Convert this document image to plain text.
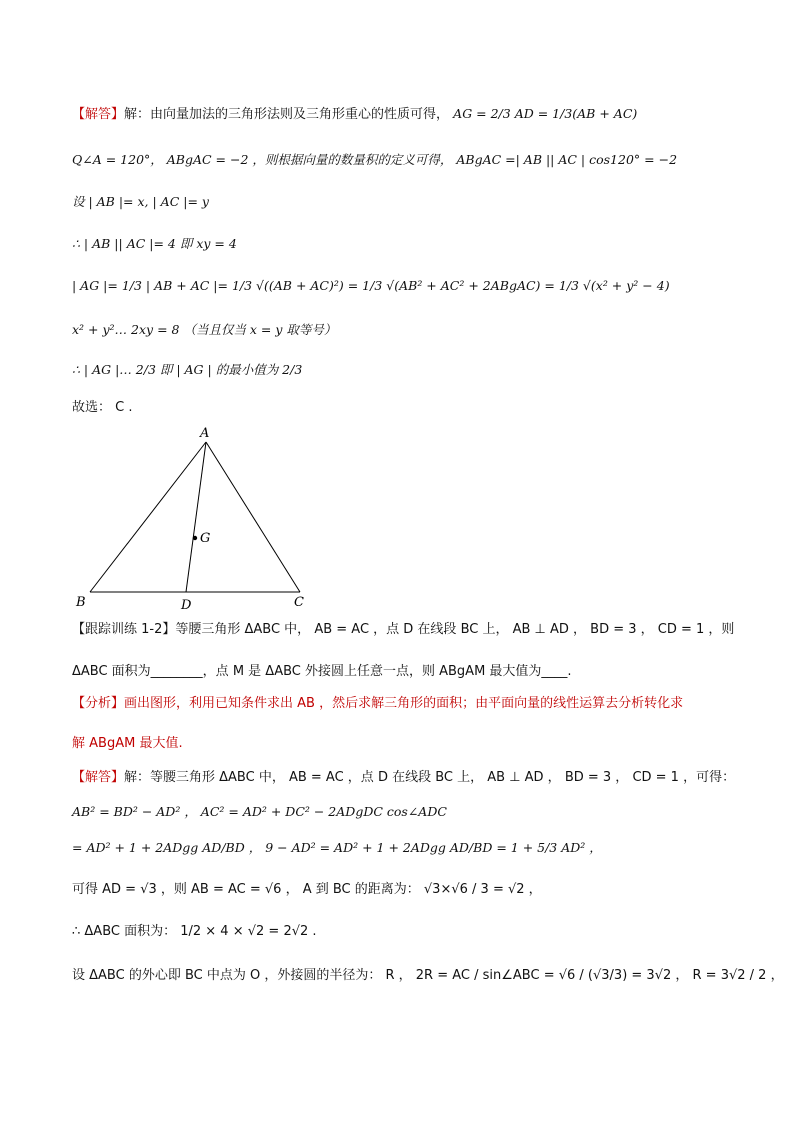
【解答】解：由向量加法的三角形法则及三角形重心的性质可得， AG = 2/3 AD = 1/3(AB + AC)
Q∠A = 120°， ABgAC = −2 ，则根据向量的数量积的定义可得， ABgAC =| AB || AC | cos120° = −2
设 | AB |= x, | AC |= y
∴ | AB || AC |= 4 即 xy = 4
| AG |= 1/3 | AB + AC |= 1/3 √((AB + AC)²) = 1/3 √(AB² + AC² + 2ABgAC) = 1/3 √(x² + y² − 4)
x² + y²… 2xy = 8 （当且仅当 x = y 取等号）
∴ | AG |… 2/3 即 | AG | 的最小值为 2/3
故选： C .
A
B	C
D
G
【跟踪训练 1-2】等腰三角形 ΔABC 中， AB = AC ，点 D 在线段 BC 上， AB ⊥ AD ， BD = 3 ， CD = 1 ，则
ΔABC 面积为________，点 M 是 ΔABC 外接圆上任意一点，则 ABgAM 最大值为____.
【分析】画出图形，利用已知条件求出 AB ，然后求解三角形的面积；由平面向量的线性运算去分析转化求
解 ABgAM 最大值.
【解答】解：等腰三角形 ΔABC 中， AB = AC ，点 D 在线段 BC 上， AB ⊥ AD ， BD = 3 ， CD = 1 ，可得：
AB² = BD² − AD² ， AC² = AD² + DC² − 2ADgDC cos∠ADC
= AD² + 1 + 2ADgg AD/BD ， 9 − AD² = AD² + 1 + 2ADgg AD/BD = 1 + 5/3 AD² ，
可得 AD = √3 ，则 AB = AC = √6 ， A 到 BC 的距离为： √3×√6 / 3 = √2 ，
∴ ΔABC 面积为： 1/2 × 4 × √2 = 2√2 .
设 ΔABC 的外心即 BC 中点为 O ，外接圆的半径为： R ， 2R = AC / sin∠ABC = √6 / (√3/3) = 3√2 ， R = 3√2 / 2 ，
